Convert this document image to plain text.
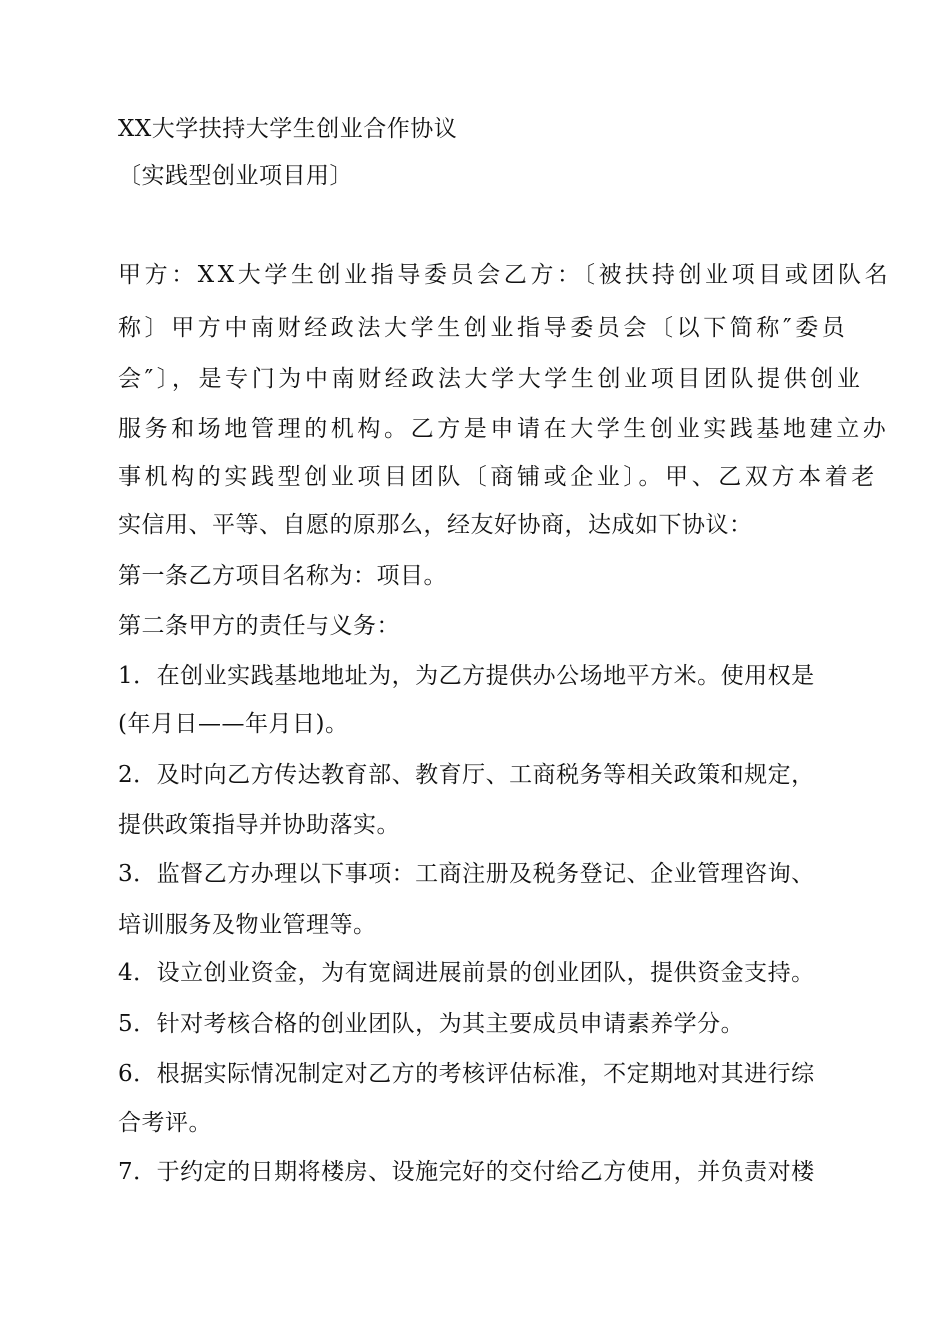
XX大学扶持大学生创业合作协议
〔实践型创业项目用〕
甲方：XX大学生创业指导委员会乙方：〔被扶持创业项目或团队名
称〕甲方中南财经政法大学生创业指导委员会〔以下简称″委员
会″〕，是专门为中南财经政法大学大学生创业项目团队提供创业
服务和场地管理的机构。乙方是申请在大学生创业实践基地建立办
事机构的实践型创业项目团队〔商铺或企业〕。甲、乙双方本着老
实信用、平等、自愿的原那么，经友好协商，达成如下协议：
第一条乙方项目名称为：项目。
第二条甲方的责任与义务：
1．在创业实践基地地址为，为乙方提供办公场地平方米。使用权是
(年月日——年月日)。
2．及时向乙方传达教育部、教育厅、工商税务等相关政策和规定，
提供政策指导并协助落实。
3．监督乙方办理以下事项：工商注册及税务登记、企业管理咨询、
培训服务及物业管理等。
4．设立创业资金，为有宽阔进展前景的创业团队，提供资金支持。
5．针对考核合格的创业团队，为其主要成员申请素养学分。
6．根据实际情况制定对乙方的考核评估标准，不定期地对其进行综
合考评。
7．于约定的日期将楼房、设施完好的交付给乙方使用，并负责对楼
